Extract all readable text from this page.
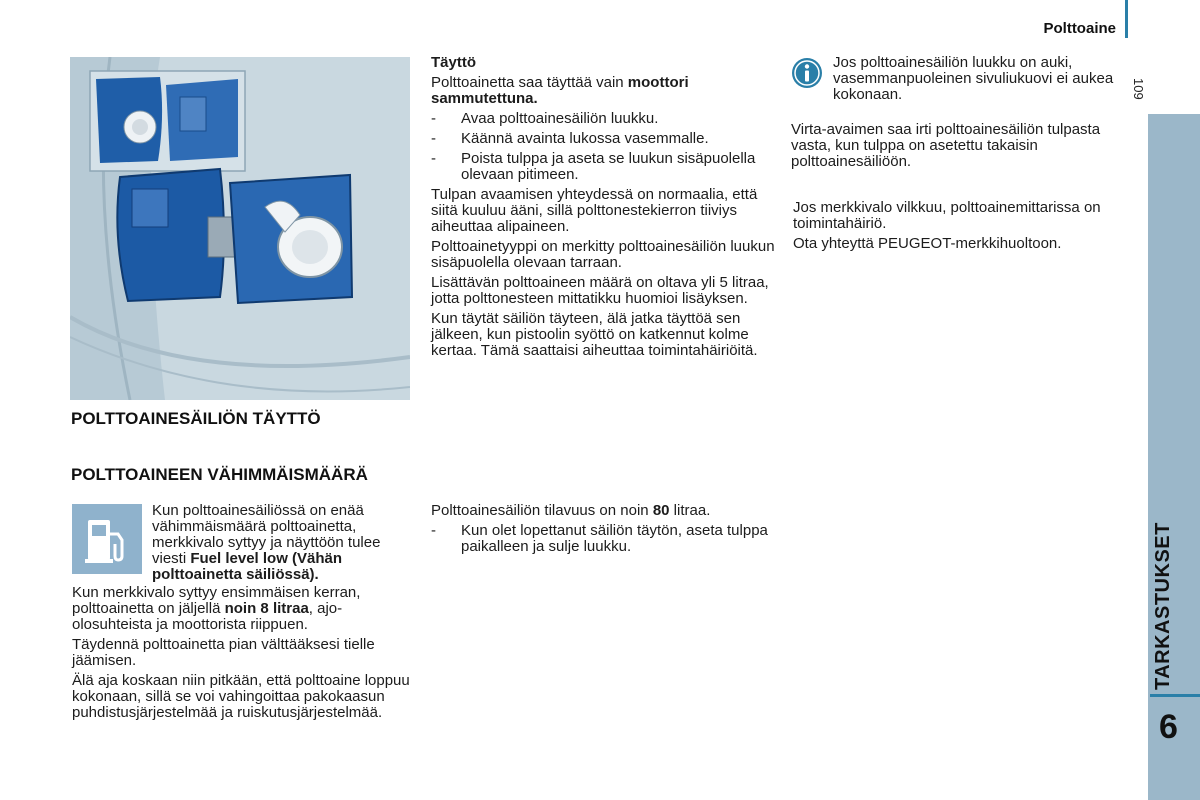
Polttoaine
109
TARKASTUKSET
6
POLTTOAINESÄILIÖN TÄYTTÖ
POLTTOAINEEN VÄHIMMÄISMÄÄRÄ

Kun polttoainesäiliössä on enää vähimmäismäärä polttoainetta, merkkivalo syttyy ja näyttöön tulee viesti Fuel level low (Vähän polttoainetta säiliössä).

Kun merkkivalo syttyy ensimmäisen kerran, polttoainetta on jäljellä noin 8 litraa, ajo-olosuhteista ja moottorista riippuen.

Täydennä polttoainetta pian välttääksesi tielle jäämisen.

Älä aja koskaan niin pitkään, että polttoaine loppuu kokonaan, sillä se voi vahingoittaa pakokaasun puhdistusjärjestelmää ja ruiskutusjärjestelmää.

Täyttö

Polttoainetta saa täyttää vain moottori sammutettuna.

-	Avaa polttoainesäiliön luukku.
-	Käännä avainta lukossa vasemmalle.
-	Poista tulppa ja aseta se luukun sisäpuolella olevaan pitimeen.

Tulpan avaamisen yhteydessä on normaalia, että siitä kuuluu ääni, sillä polttonestekierron tiiviys aiheuttaa alipaineen.

Polttoainetyyppi on merkitty polttoainesäiliön luukun sisäpuolella olevaan tarraan.

Lisättävän polttoaineen määrä on oltava yli 5 litraa, jotta polttonesteen mittatikku huomioi lisäyksen.

Kun täytät säiliön täyteen, älä jatka täyttöä sen jälkeen, kun pistoolin syöttö on katkennut kolme kertaa. Tämä saattaisi aiheuttaa toimintahäiriöitä.

Polttoainesäiliön tilavuus on noin 80 litraa.

-	Kun olet lopettanut säiliön täytön, aseta tulppa paikalleen ja sulje luukku.
Jos polttoainesäiliön luukku on auki, vasemmanpuoleinen sivuliukuovi ei aukea kokonaan.
Virta-avaimen saa irti polttoainesäiliön tulpasta vasta, kun tulppa on asetettu takaisin polttoainesäiliöön.

Jos merkkivalo vilkkuu, polttoainemittarissa on toimintahäiriö.

Ota yhteyttä PEUGEOT-merkkihuoltoon.
